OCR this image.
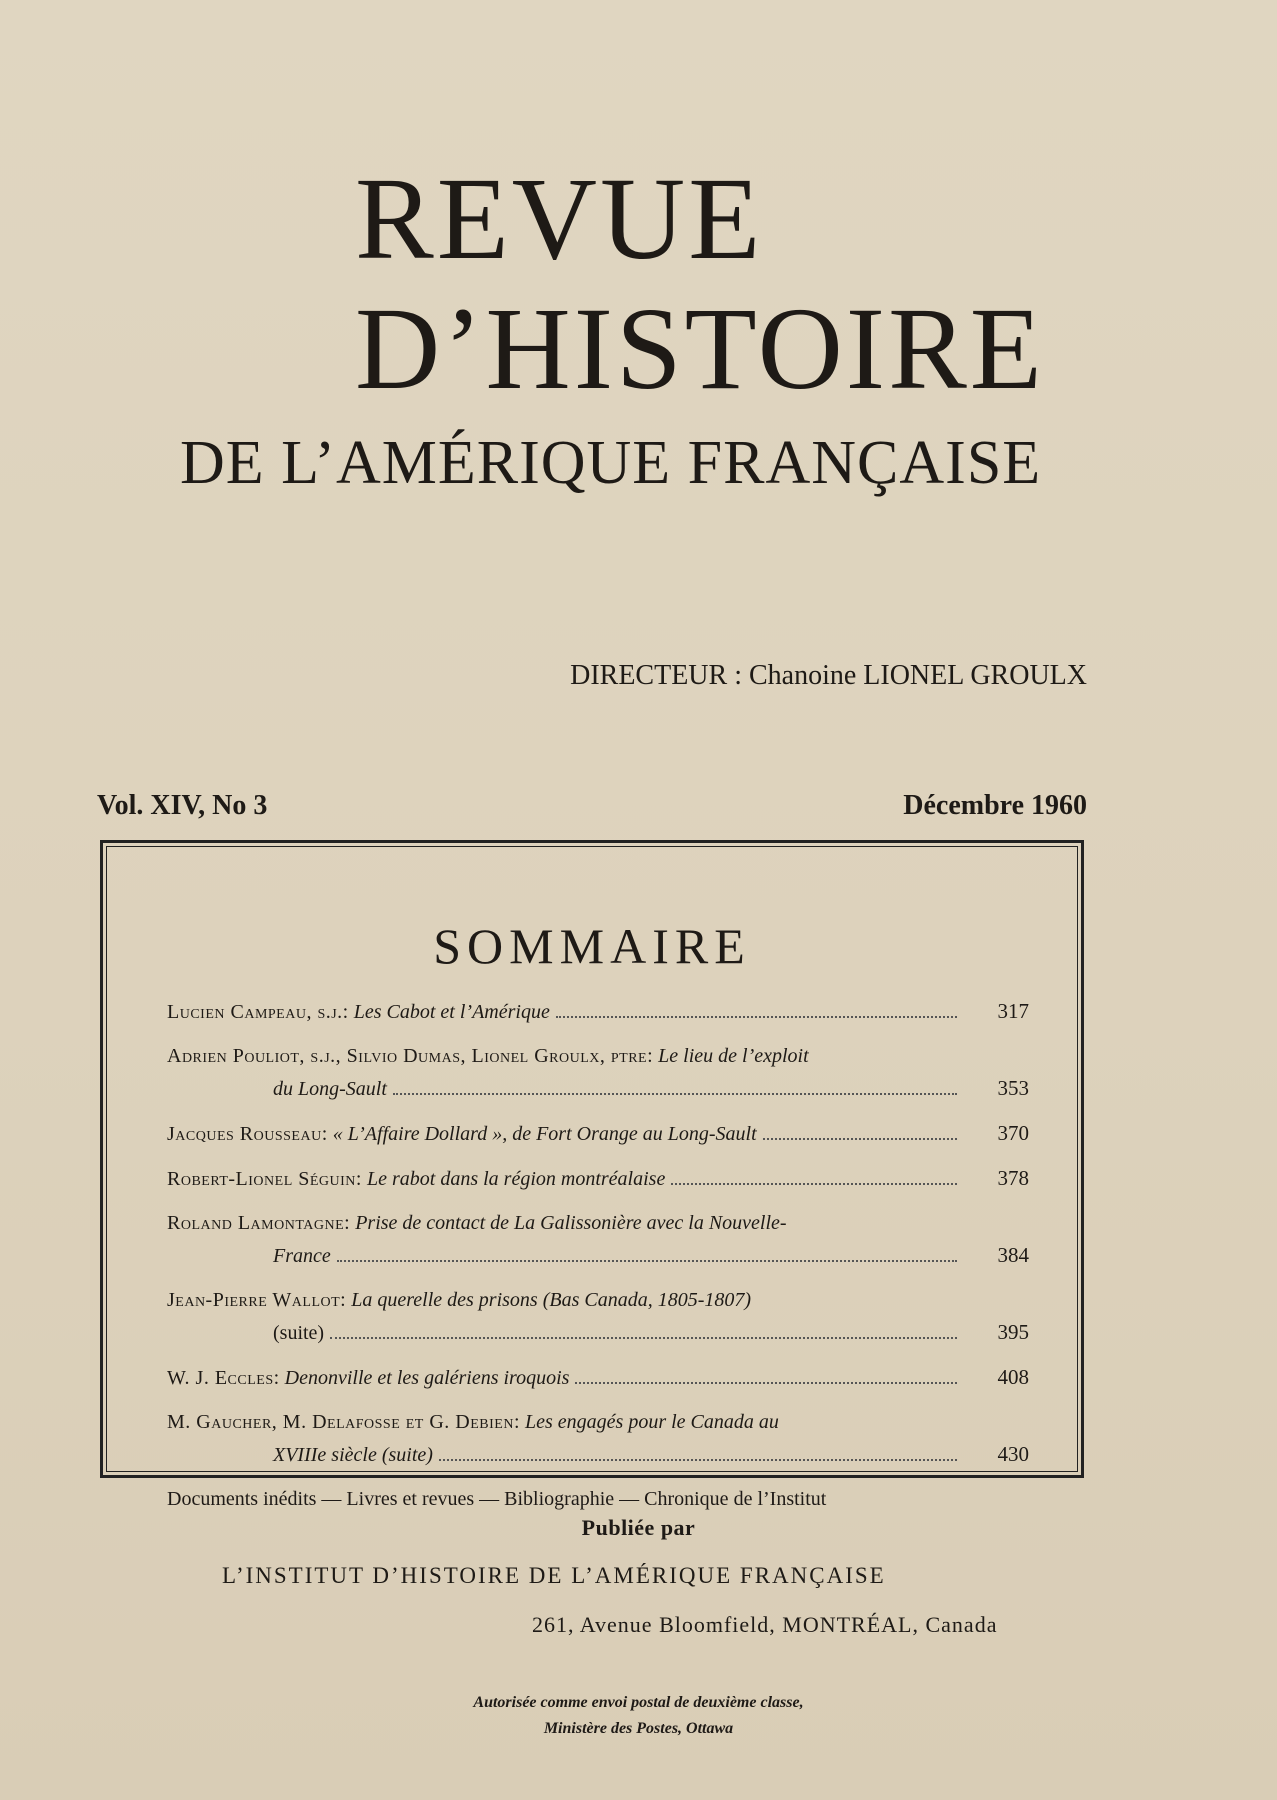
REVUE
D’HISTOIRE
DE L’AMÉRIQUE FRANÇAISE
DIRECTEUR : Chanoine LIONEL GROULX
Vol. XIV, No 3	Décembre 1960
SOMMAIRE
Lucien Campeau, s.j.:
Les Cabot et l’Amérique	317
Adrien Pouliot, s.j., Silvio Dumas, Lionel Groulx, ptre:
Le lieu de l’exploit
du Long-Sault	353
Jacques Rousseau:
« L’Affaire Dollard », de Fort Orange au Long-Sault	370
Robert-Lionel Séguin:
Le rabot dans la région montréalaise	378
Roland Lamontagne:
Prise de contact de La Galissonière avec la Nouvelle-
France	384
Jean-Pierre Wallot:
La querelle des prisons (Bas Canada, 1805-1807)
(suite)	395
W. J. Eccles:
Denonville et les galériens iroquois	408
M. Gaucher, M. Delafosse et G. Debien:
Les engagés pour le Canada au
XVIIIe siècle (suite)	430
Documents inédits — Livres et revues — Bibliographie — Chronique de l’Institut
Publiée par
L’INSTITUT D’HISTOIRE DE L’AMÉRIQUE FRANÇAISE
261, Avenue Bloomfield, MONTRÉAL, Canada
Autorisée comme envoi postal de deuxième classe,
Ministère des Postes, Ottawa
